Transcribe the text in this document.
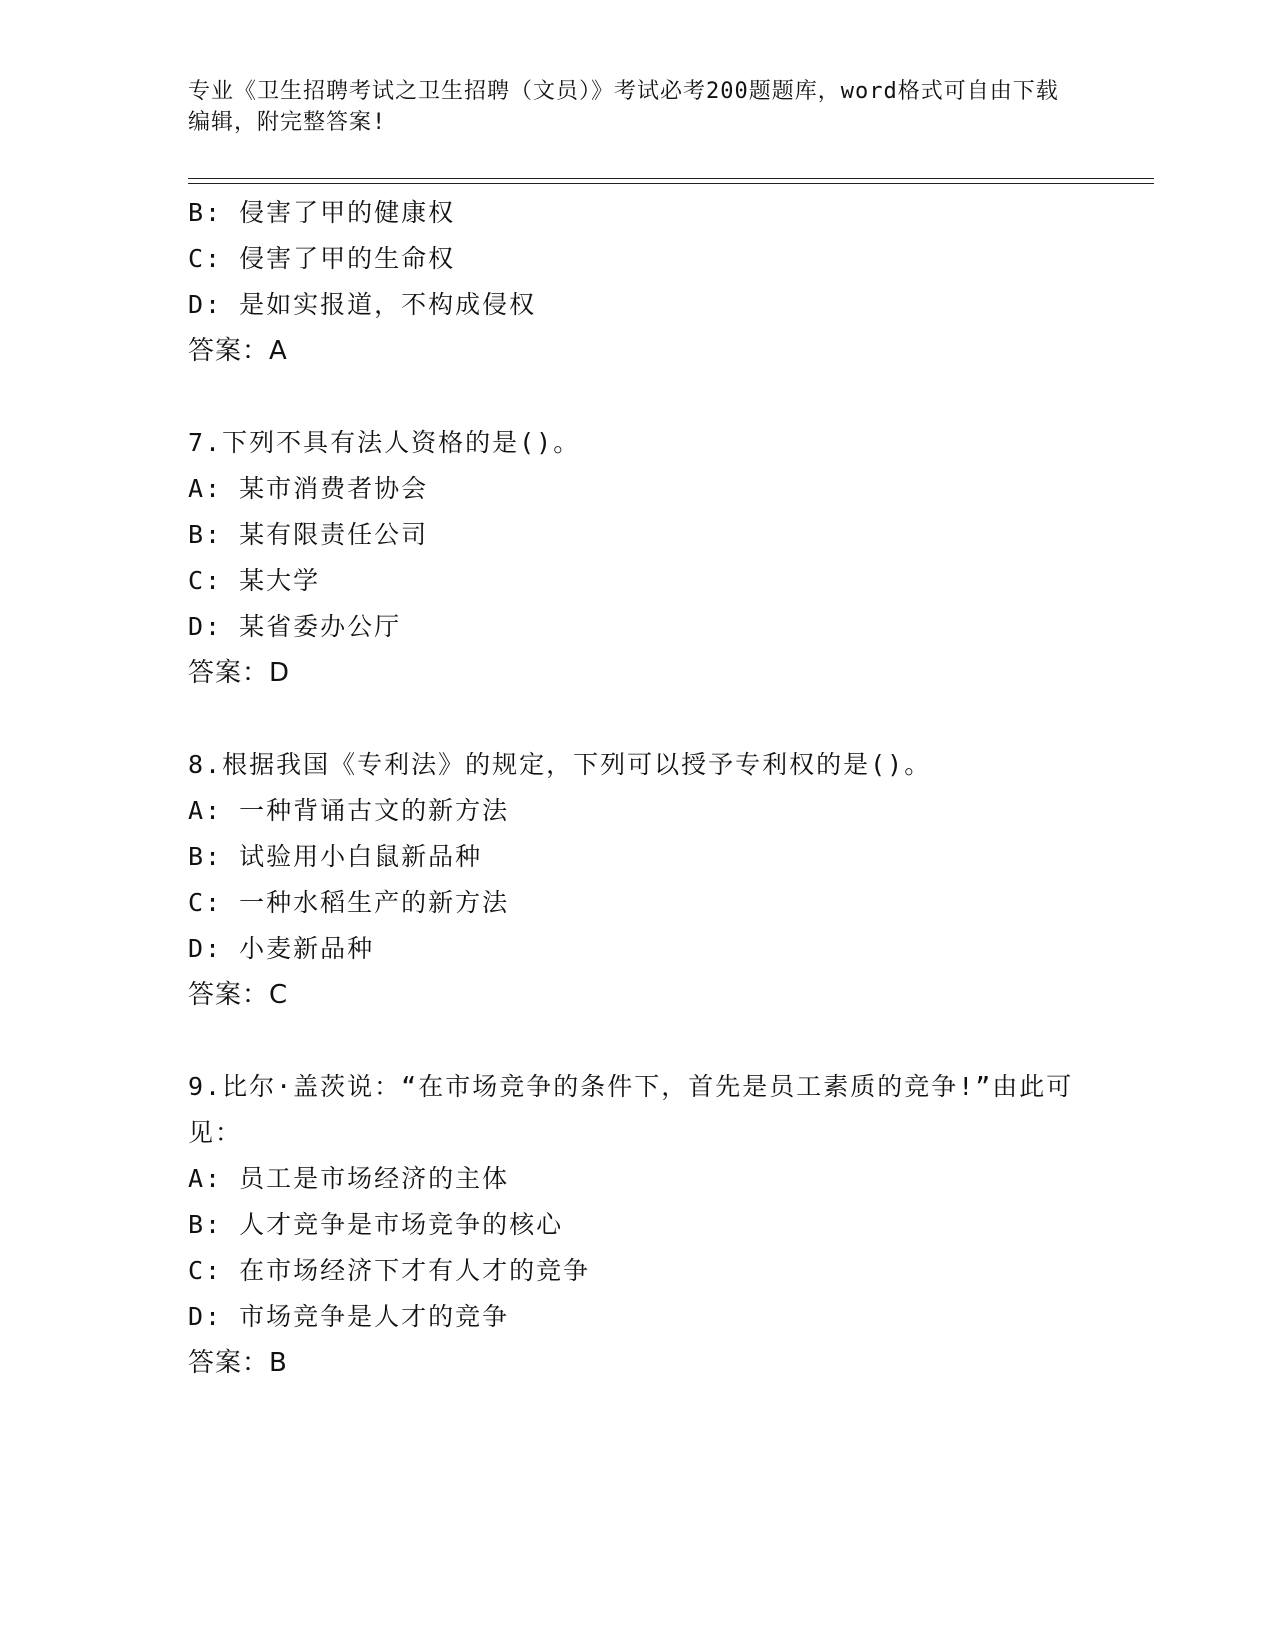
专业《卫生招聘考试之卫生招聘（文员）》考试必考200题题库，word格式可自由下载编辑，附完整答案!
B: 侵害了甲的健康权
C: 侵害了甲的生命权
D: 是如实报道，不构成侵权
答案：A
7.下列不具有法人资格的是()。
A: 某市消费者协会
B: 某有限责任公司
C: 某大学
D: 某省委办公厅
答案：D
8.根据我国《专利法》的规定，下列可以授予专利权的是()。
A: 一种背诵古文的新方法
B: 试验用小白鼠新品种
C: 一种水稻生产的新方法
D: 小麦新品种
答案：C
9.比尔·盖茨说：“在市场竞争的条件下，首先是员工素质的竞争!”由此可见：
A: 员工是市场经济的主体
B: 人才竞争是市场竞争的核心
C: 在市场经济下才有人才的竞争
D: 市场竞争是人才的竞争
答案：B
